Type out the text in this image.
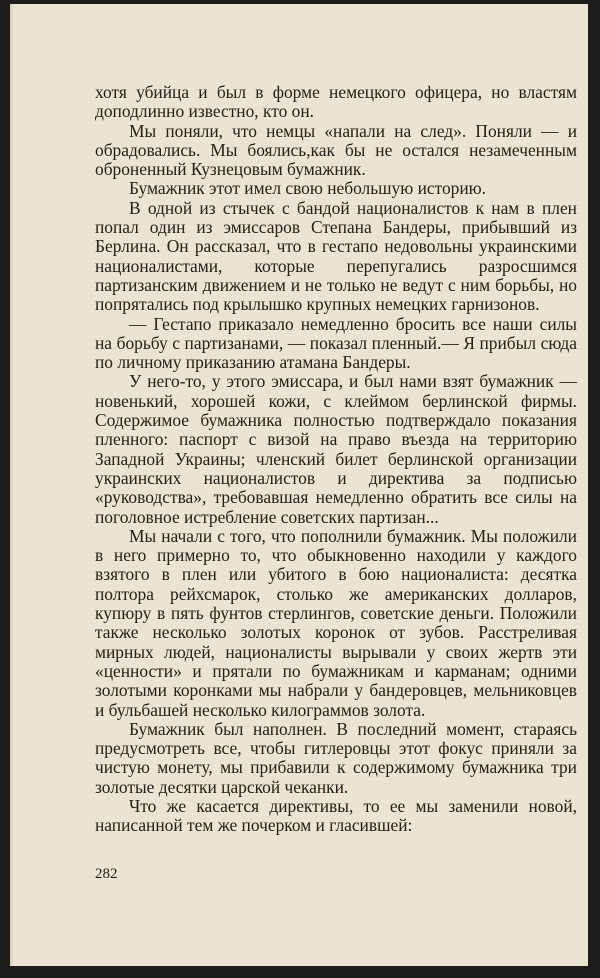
хотя убийца и был в форме немецкого офицера, но властям доподлинно известно, кто он.

Мы поняли, что немцы «напали на след». Поняли — и обрадовались. Мы боялись,как бы не остался незамеченным оброненный Кузнецовым бумажник.

Бумажник этот имел свою небольшую историю.

В одной из стычек с бандой националистов к нам в плен попал один из эмиссаров Степана Бандеры, прибывший из Берлина. Он рассказал, что в гестапо недовольны украинскими националистами, которые перепугались разросшимся партизанским движением и не только не ведут с ним борьбы, но попрятались под крылышко крупных немецких гарнизонов.

— Гестапо приказало немедленно бросить все наши силы на борьбу с партизанами, — показал пленный.— Я прибыл сюда по личному приказанию атамана Бандеры.

У него-то, у этого эмиссара, и был нами взят бумажник — новенький, хорошей кожи, с клеймом берлинской фирмы. Содержимое бумажника полностью подтверждало показания пленного: паспорт с визой на право въезда на территорию Западной Украины; членский билет берлинской организации украинских националистов и директива за подписью «руководства», требовавшая немедленно обратить все силы на поголовное истребление советских партизан...

Мы начали с того, что пополнили бумажник. Мы положили в него примерно то, что обыкновенно находили у каждого взятого в плен или убитого в бою националиста: десятка полтора рейхсмарок, столько же американских долларов, купюру в пять фунтов стерлингов, советские деньги. Положили также несколько золотых коронок от зубов. Расстреливая мирных людей, националисты вырывали у своих жертв эти «ценности» и прятали по бумажникам и карманам; одними золотыми коронками мы набрали у бандеровцев, мельниковцев и бульбашей несколько килограммов золота.

Бумажник был наполнен. В последний момент, стараясь предусмотреть все, чтобы гитлеровцы этот фокус приняли за чистую монету, мы прибавили к содержимому бумажника три золотые десятки царской чеканки.

Что же касается директивы, то ее мы заменили новой, написанной тем же почерком и гласившей:

282
